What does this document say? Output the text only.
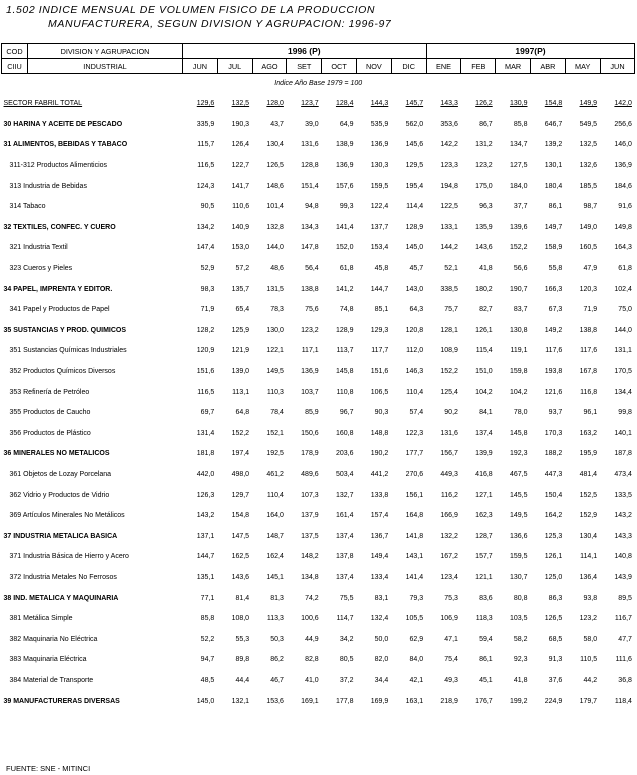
1.502 INDICE MENSUAL DE VOLUMEN FISICO DE LA PRODUCCION
MANUFACTURERA, SEGUN DIVISION Y AGRUPACION: 1996-97
COD	DIVISION Y AGRUPACION	1996 (P)							1997(P)					
CIIU	INDUSTRIAL	JUN	JUL	AGO	SET	OCT	NOV	DIC	ENE	FEB	MAR	ABR	MAY	JUN
Indice Año Base 1979 = 100														
SECTOR FABRIL TOTAL		129,6	132,5	128,0	123,7	128,4	144,3	145,7	143,3	126,2	130,9	154,8	149,9	142,0
30 HARINA Y ACEITE DE PESCADO		335,9	190,3	43,7	39,0	64,9	535,9	562,0	353,6	86,7	85,8	646,7	549,5	256,6
31 ALIMENTOS, BEBIDAS Y TABACO		115,7	126,4	130,4	131,6	138,9	136,9	145,6	142,2	131,2	134,7	139,2	132,5	146,0
311-312 Productos Alimenticios		116,5	122,7	126,5	128,8	136,9	130,3	129,5	123,3	123,2	127,5	130,1	132,6	136,9
313 Industria de Bebidas		124,3	141,7	148,6	151,4	157,6	159,5	195,4	194,8	175,0	184,0	180,4	185,5	184,6
314 Tabaco		90,5	110,6	101,4	94,8	99,3	122,4	114,4	122,5	96,3	37,7	86,1	98,7	91,6
32 TEXTILES, CONFEC. Y CUERO		134,2	140,9	132,8	134,3	141,4	137,7	128,9	133,1	135,9	139,6	149,7	149,0	149,8
321 Industria Textil		147,4	153,0	144,0	147,8	152,0	153,4	145,0	144,2	143,6	152,2	158,9	160,5	164,3
323 Cueros y Pieles		52,9	57,2	48,6	56,4	61,8	45,8	45,7	52,1	41,8	56,6	55,8	47,9	61,8
34 PAPEL, IMPRENTA Y EDITOR.		98,3	135,7	131,5	138,8	141,2	144,7	143,0	338,5	180,2	190,7	166,3	120,3	102,4
341 Papel y Productos de Papel		71,9	65,4	78,3	75,6	74,8	85,1	64,3	75,7	82,7	83,7	67,3	71,9	75,0
35 SUSTANCIAS Y PROD. QUIMICOS		128,2	125,9	130,0	123,2	128,9	129,3	120,8	128,1	126,1	130,8	149,2	138,8	144,0
351 Sustancias Químicas Industriales		120,9	121,9	122,1	117,1	113,7	117,7	112,0	108,9	115,4	119,1	117,6	117,6	131,1
352 Productos Químicos Diversos		151,6	139,0	149,5	136,9	145,8	151,6	146,3	152,2	151,0	159,8	193,8	167,8	170,5
353 Refinería de Petróleo		116,5	113,1	110,3	103,7	110,8	106,5	110,4	125,4	104,2	104,2	121,6	116,8	134,4
355 Productos de Caucho		69,7	64,8	78,4	85,9	96,7	90,3	57,4	90,2	84,1	78,0	93,7	96,1	99,8
356 Productos de Plástico		131,4	152,2	152,1	150,6	160,8	148,8	122,3	131,6	137,4	145,8	170,3	163,2	140,1
36 MINERALES NO METALICOS		181,8	197,4	192,5	178,9	203,6	190,2	177,7	156,7	139,9	192,3	188,2	195,9	187,8
361 Objetos de Lozay Porcelana		442,0	498,0	461,2	489,6	503,4	441,2	270,6	449,3	416,8	467,5	447,3	481,4	473,4
362 Vidrio y Productos de Vidrio		126,3	129,7	110,4	107,3	132,7	133,8	156,1	116,2	127,1	145,5	150,4	152,5	133,5
369 Artículos Minerales No Metálicos		143,2	154,8	164,0	137,9	161,4	157,4	164,8	166,9	162,3	149,5	164,2	152,9	143,2
37 INDUSTRIA METALICA BASICA		137,1	147,5	148,7	137,5	137,4	136,7	141,8	132,2	128,7	136,6	125,3	130,4	143,3
371 Industria Básica de Hierro y Acero		144,7	162,5	162,4	148,2	137,8	149,4	143,1	167,2	157,7	159,5	126,1	114,1	140,8
372 Industria Metales No Ferrosos		135,1	143,6	145,1	134,8	137,4	133,4	141,4	123,4	121,1	130,7	125,0	136,4	143,9
38 IND. METALICA Y MAQUINARIA		77,1	81,4	81,3	74,2	75,5	83,1	79,3	75,3	83,6	80,8	86,3	93,8	89,5
381 Metálica Simple		85,8	108,0	113,3	100,6	114,7	132,4	105,5	106,9	118,3	103,5	126,5	123,2	116,7
382 Maquinaria No Eléctrica		52,2	55,3	50,3	44,9	34,2	50,0	62,9	47,1	59,4	58,2	68,5	58,0	47,7
383 Maquinaria Eléctrica		94,7	89,8	86,2	82,8	80,5	82,0	84,0	75,4	86,1	92,3	91,3	110,5	111,6
384 Material de Transporte		48,5	44,4	46,7	41,0	37,2	34,4	42,1	49,3	45,1	41,8	37,6	44,2	36,8
39 MANUFACTURERAS DIVERSAS		145,0	132,1	153,6	169,1	177,8	169,9	163,1	218,9	176,7	199,2	224,9	179,7	118,4
FUENTE: SNE - MITINCI
